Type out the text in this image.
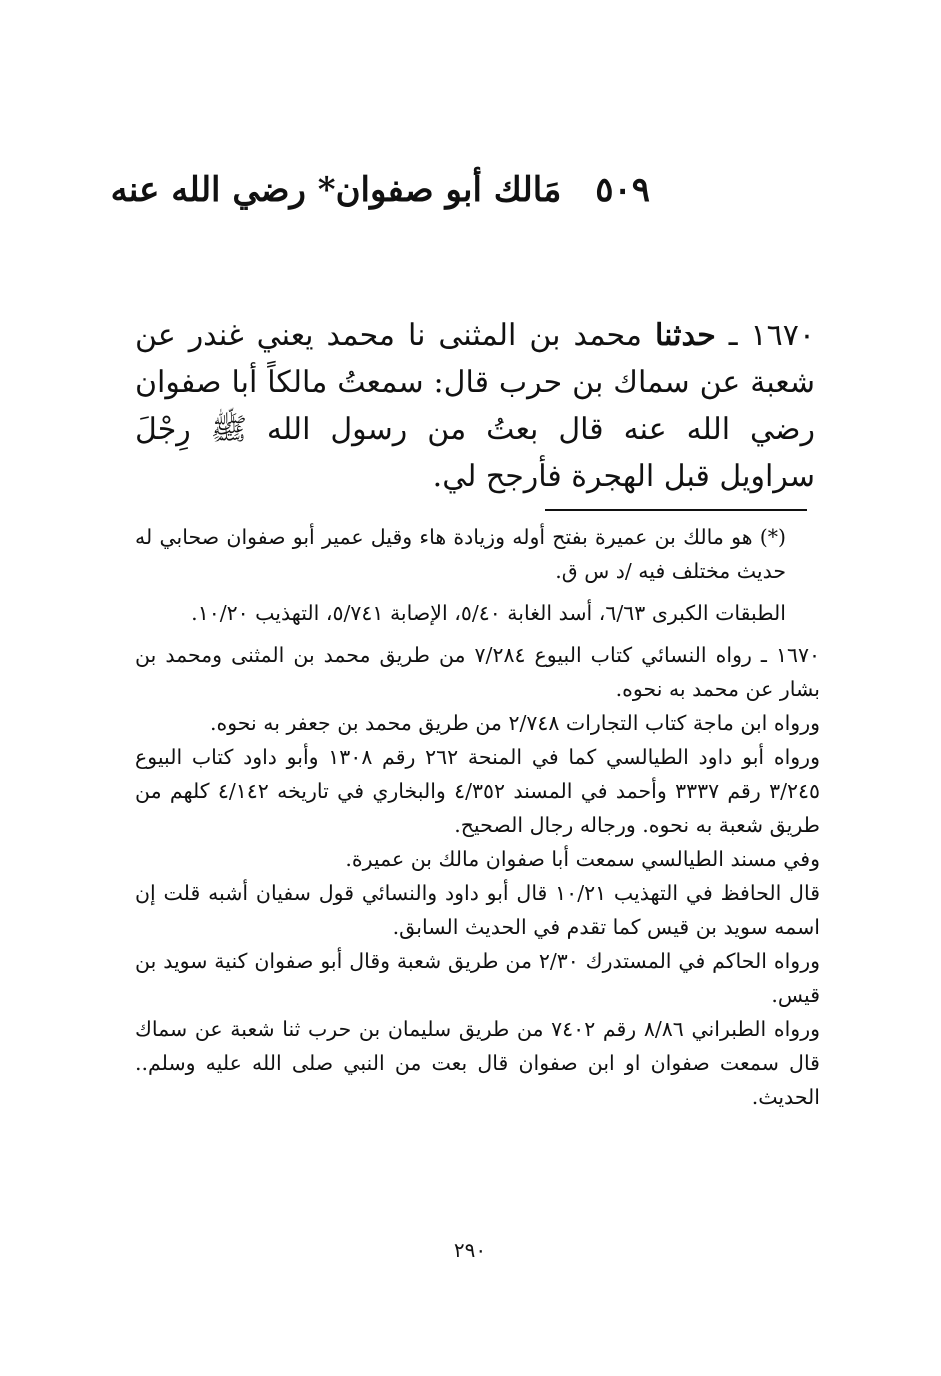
٥٠٩ مَالك أبو صفوان* رضي الله عنه
١٦٧٠ ـ حدثنا محمد بن المثنى نا محمد يعني غندر عن شعبة عن سماك بن حرب قال: سمعتُ مالكاً أبا صفوان رضي الله عنه قال بعتُ من رسول الله ﷺ رِجْلَ سراويل قبل الهجرة فأرجح لي.

(*) هو مالك بن عميرة بفتح أوله وزيادة هاء وقيل عمير أبو صفوان صحابي له حديث مختلف فيه /د س ق.

الطبقات الكبرى ٦/٦٣، أسد الغابة ٥/٤٠، الإصابة ٥/٧٤١، التهذيب ١٠/٢٠.

١٦٧٠ ـ رواه النسائي كتاب البيوع ٧/٢٨٤ من طريق محمد بن المثنى ومحمد بن بشار عن محمد به نحوه.

ورواه ابن ماجة كتاب التجارات ٢/٧٤٨ من طريق محمد بن جعفر به نحوه.

ورواه أبو داود الطيالسي كما في المنحة ٢٦٢ رقم ١٣٠٨ وأبو داود كتاب البيوع ٣/٢٤٥ رقم ٣٣٣٧ وأحمد في المسند ٤/٣٥٢ والبخاري في تاريخه ٤/١٤٢ كلهم من طريق شعبة به نحوه. ورجاله رجال الصحيح.

وفي مسند الطيالسي سمعت أبا صفوان مالك بن عميرة.

قال الحافظ في التهذيب ١٠/٢١ قال أبو داود والنسائي قول سفيان أشبه قلت إن اسمه سويد بن قيس كما تقدم في الحديث السابق.

ورواه الحاكم في المستدرك ٢/٣٠ من طريق شعبة وقال أبو صفوان كنية سويد بن قيس.

ورواه الطبراني ٨/٨٦ رقم ٧٤٠٢ من طريق سليمان بن حرب ثنا شعبة عن سماك قال سمعت صفوان او ابن صفوان قال بعت من النبي صلى الله عليه وسلم.. الحديث.

٢٩٠
